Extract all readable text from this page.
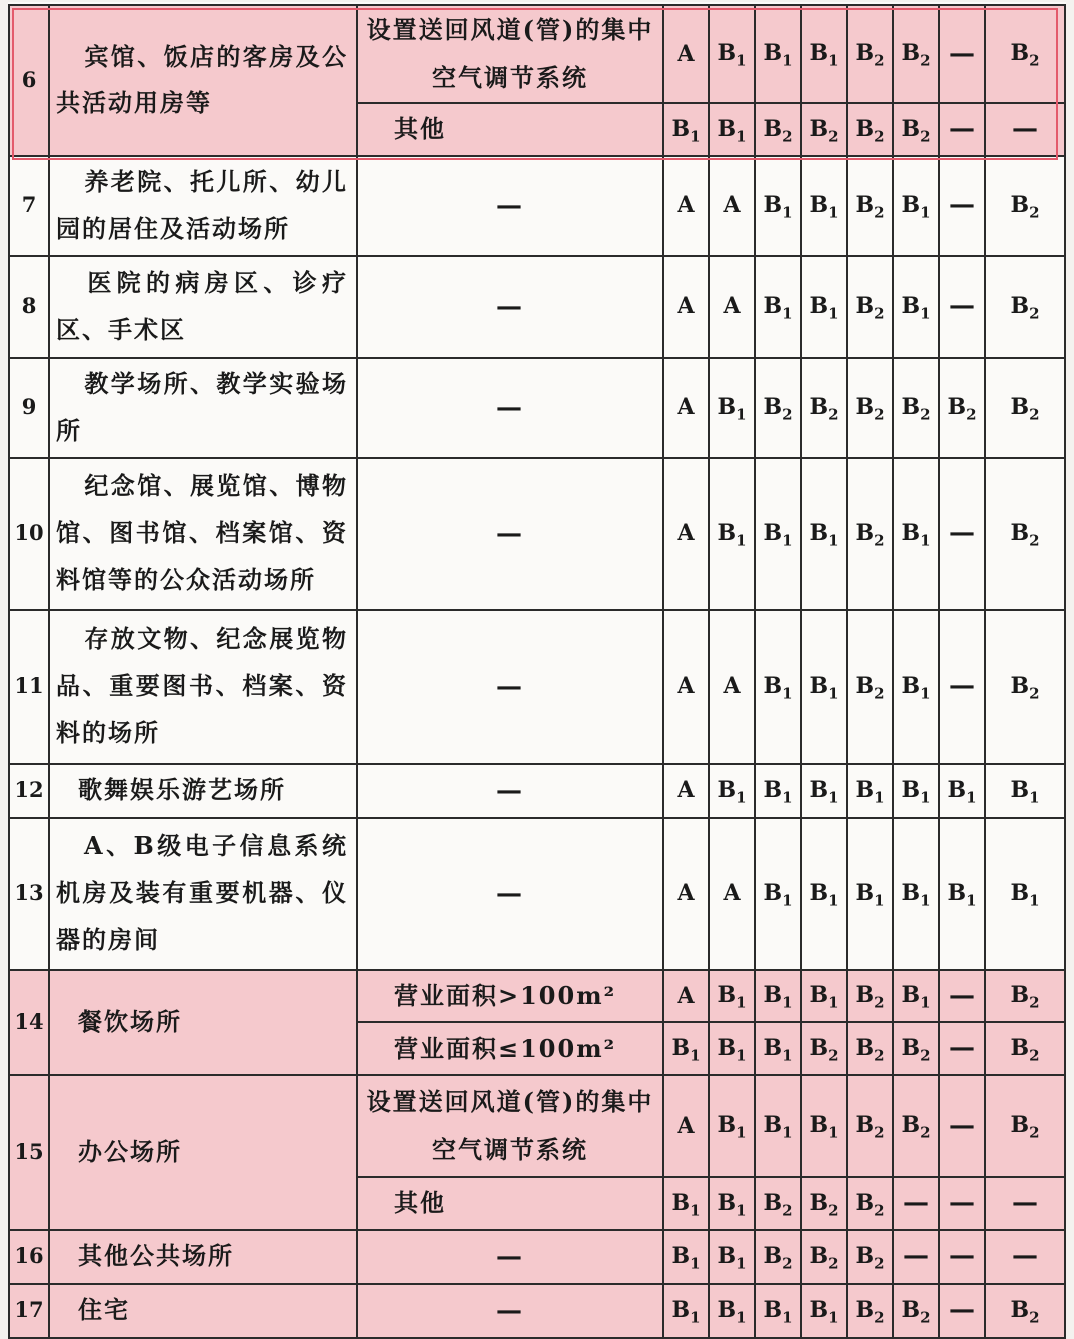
6	宾馆、饭店的客房及公共活动用房等	设置送回风道(管)的集中空气调节系统	A	$B_1$	$B_1$	$B_1$	$B_2$	$B_2$	—	$B_2$
		其他	$B_1$	$B_1$	$B_2$	$B_2$	$B_2$	$B_2$	—	—
7	养老院、托儿所、幼儿园的居住及活动场所	—	A	A	$B_1$	$B_1$	$B_2$	$B_1$	—	$B_2$
8	医院的病房区、诊疗区、手术区	—	A	A	$B_1$	$B_1$	$B_2$	$B_1$	—	$B_2$
9	教学场所、教学实验场所	—	A	$B_1$	$B_2$	$B_2$	$B_2$	$B_2$	$B_2$	$B_2$
10	纪念馆、展览馆、博物馆、图书馆、档案馆、资料馆等的公众活动场所	—	A	$B_1$	$B_1$	$B_1$	$B_2$	$B_1$	—	$B_2$
11	存放文物、纪念展览物品、重要图书、档案、资料的场所	—	A	A	$B_1$	$B_1$	$B_2$	$B_1$	—	$B_2$
12	歌舞娱乐游艺场所	—	A	$B_1$	$B_1$	$B_1$	$B_1$	$B_1$	$B_1$	$B_1$
13	A、B级电子信息系统机房及装有重要机器、仪器的房间	—	A	A	$B_1$	$B_1$	$B_1$	$B_1$	$B_1$	$B_1$
14	餐饮场所	营业面积>100m²	A	$B_1$	$B_1$	$B_1$	$B_2$	$B_1$	—	$B_2$
		营业面积≤100m²	$B_1$	$B_1$	$B_1$	$B_2$	$B_2$	$B_2$	—	$B_2$
15	办公场所	设置送回风道(管)的集中空气调节系统	A	$B_1$	$B_1$	$B_1$	$B_2$	$B_2$	—	$B_2$
		其他	$B_1$	$B_1$	$B_2$	$B_2$	$B_2$	—	—	—
16	其他公共场所	—	$B_1$	$B_1$	$B_2$	$B_2$	$B_2$	—	—	—
17	住宅	—	$B_1$	$B_1$	$B_1$	$B_1$	$B_2$	$B_2$	—	$B_2$
